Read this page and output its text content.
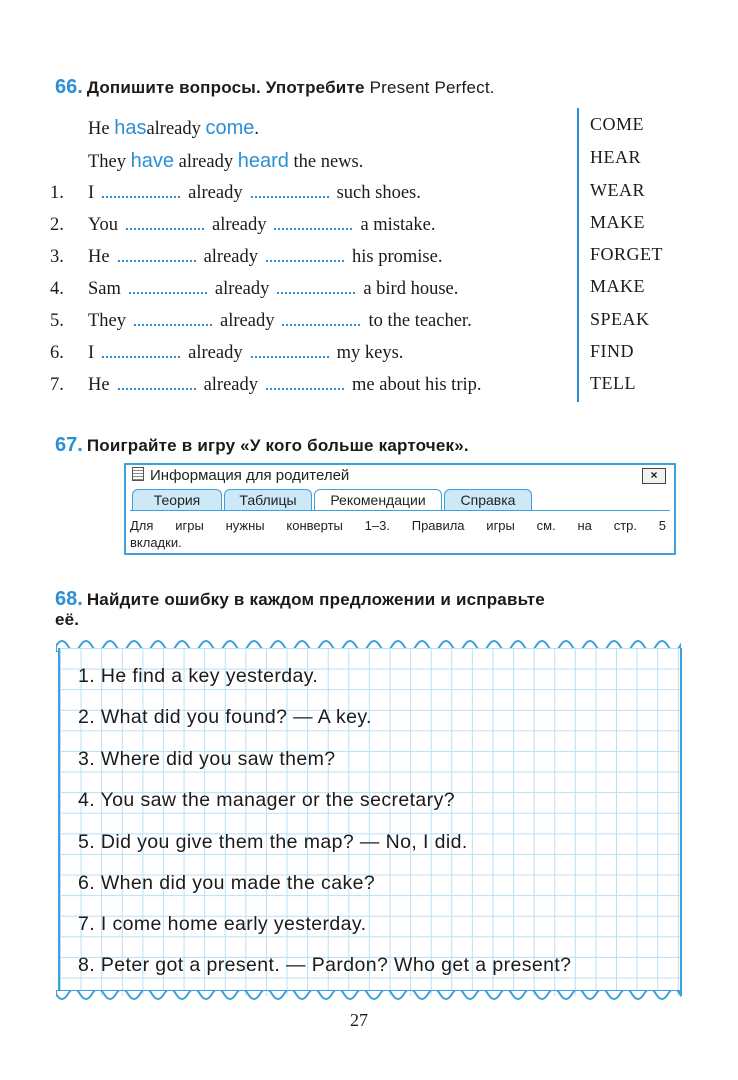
66. Допишите вопросы. Употребите Present Perfect.
He hasalready come.
They have already heard the news.
1.	I	already	such shoes.
2.	You	already	a mistake.
3.	He	already	his promise.
4.	Sam	already	a bird house.
5.	They	already	to the teacher.
6.	I	already	my keys.
7.	He	already	me about his trip.
COME
HEAR
WEAR
MAKE
FORGET
MAKE
SPEAK
FIND
TELL
67. Поиграйте в игру «У кого больше карточек».
Информация для родителей	×
Теория	Таблицы	Рекомендации	Справка
Для игры нужны конверты 1–3. Правила игры см. на стр. 5
вкладки.
68. Найдите ошибку в каждом предложении и исправьте
её.
1. He find a key yesterday.
2. What did you found? — A key.
3. Where did you saw them?
4. You saw the manager or the secretary?
5. Did you give them the map? — No, I did.
6. When did you made the cake?
7. I come home early yesterday.
8. Peter got a present. — Pardon? Who get a present?
27
